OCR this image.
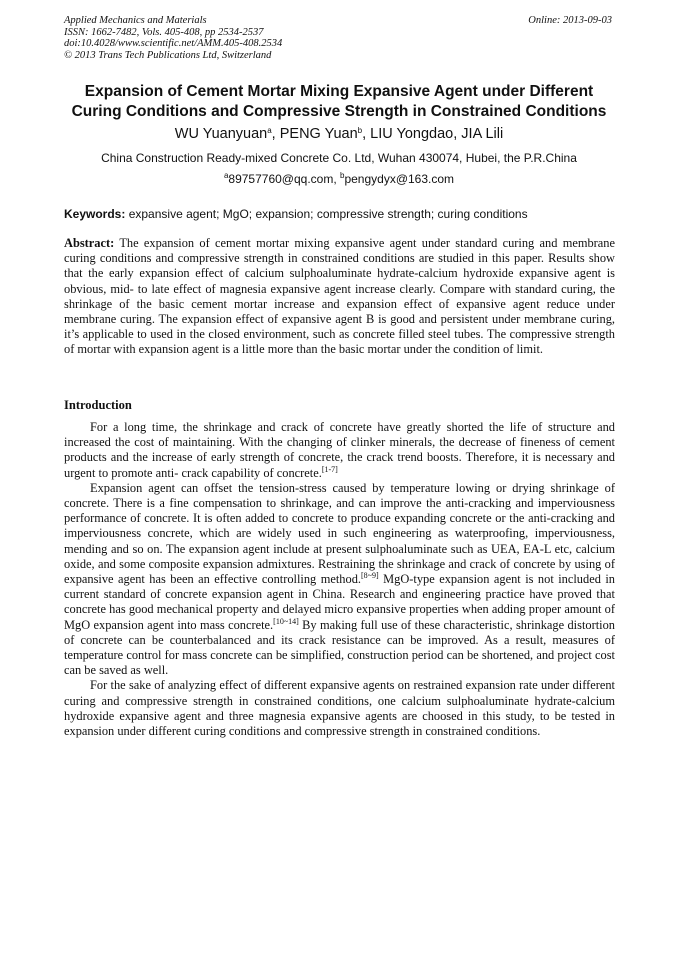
Applied Mechanics and Materials
ISSN: 1662-7482, Vols. 405-408, pp 2534-2537
doi:10.4028/www.scientific.net/AMM.405-408.2534
© 2013 Trans Tech Publications Ltd, Switzerland
Online: 2013-09-03
Expansion of Cement Mortar Mixing Expansive Agent under Different
Curing Conditions and Compressive Strength in Constrained Conditions
WU Yuanyuan$^a$, PENG Yuan$^b$, LIU Yongdao, JIA Lili
China Construction Ready-mixed Concrete Co. Ltd, Wuhan 430074, Hubei, the P.R.China
$^a$89757760@qq.com, $^b$pengydyx@163.com
Keywords: expansive agent; MgO; expansion; compressive strength; curing conditions
Abstract: The expansion of cement mortar mixing expansive agent under standard curing and membrane curing conditions and compressive strength in constrained conditions are studied in this paper. Results show that the early expansion effect of calcium sulphoaluminate hydrate-calcium hydroxide expansive agent is obvious, mid- to late effect of magnesia expansive agent increase clearly. Compare with standard curing, the shrinkage of the basic cement mortar increase and expansion effect of expansive agent reduce under membrane curing. The expansion effect of expansive agent B is good and persistent under membrane curing, it’s applicable to used in the closed environment, such as concrete filled steel tubes. The compressive strength of mortar with expansion agent is a little more than the basic mortar under the condition of limit.
Introduction

For a long time, the shrinkage and crack of concrete have greatly shorted the life of structure and increased the cost of maintaining. With the changing of clinker minerals, the decrease of fineness of cement products and the increase of early strength of concrete, the crack trend boosts. Therefore, it is necessary and urgent to promote anti- crack capability of concrete.[1-7]

Expansion agent can offset the tension-stress caused by temperature lowing or drying shrinkage of concrete. There is a fine compensation to shrinkage, and can improve the anti-cracking and imperviousness performance of concrete. It is often added to concrete to produce expanding concrete or the anti-cracking and imperviousness concrete, which are widely used in such engineering as waterproofing, imperviousness, mending and so on. The expansion agent include at present sulphoaluminate such as UEA, EA-L etc, calcium oxide, and some composite expansion admixtures. Restraining the shrinkage and crack of concrete by using of expansive agent has been an effective controlling method.[8~9] MgO-type expansion agent is not included in current standard of concrete expansion agent in China. Research and engineering practice have proved that concrete has good mechanical property and delayed micro expansive properties when adding proper amount of MgO expansion agent into mass concrete.[10~14] By making full use of these characteristic, shrinkage distortion of concrete can be counterbalanced and its crack resistance can be improved. As a result, measures of temperature control for mass concrete can be simplified, construction period can be shortened, and project cost can be saved as well.

For the sake of analyzing effect of different expansive agents on restrained expansion rate under different curing and compressive strength in constrained conditions, one calcium sulphoaluminate hydrate-calcium hydroxide expansive agent and three magnesia expansive agents are choosed in this study, to be tested in expansion under different curing conditions and compressive strength in constrained conditions.
